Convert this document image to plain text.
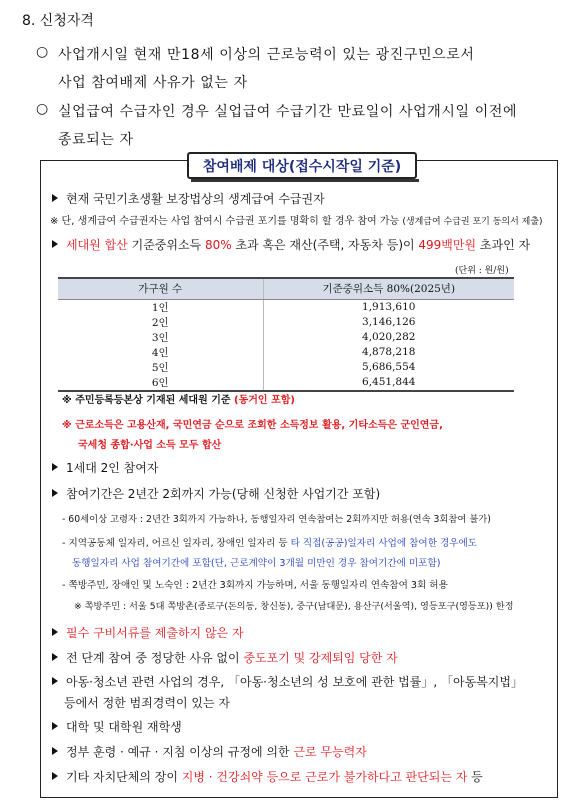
8. 신청자격
○ 사업개시일 현재 만18세 이상의 근로능력이 있는 광진구민으로서
사업 참여배제 사유가 없는 자
○ 실업급여 수급자인 경우 실업급여 수급기간 만료일이 사업개시일 이전에
종료되는 자
참여배제 대상(접수시작일 기준)
현재 국민기초생활 보장법상의 생계급여 수급권자
※ 단, 생계급여 수급권자는 사업 참여시 수급권 포기를 명확히 할 경우 참여 가능 (생계급여 수급권 포기 동의서 제출)
세대원 합산 기준중위소득 80% 초과 혹은 재산(주택, 자동차 등)이 499백만원 초과인 자
(단위 : 원/원)
가구원 수	기준중위소득 80%(2025년)
1인	1,913,610
2인	3,146,126
3인	4,020,282
4인	4,878,218
5인	5,686,554
6인	6,451,844
※ 주민등록등본상 기재된 세대원 기준 (동거인 포함)
※ 근로소득은 고용산재, 국민연금 순으로 조회한 소득정보 활용, 기타소득은 군인연금,
국세청 종합·사업 소득 모두 합산
1세대 2인 참여자
참여기간은 2년간 2회까지 가능(당해 신청한 사업기간 포함)
- 60세이상 고령자 : 2년간 3회까지 가능하나, 동행일자리 연속참여는 2회까지만 허용(연속 3회참여 불가)
- 지역공동체 일자리, 어르신 일자리, 장애인 일자리 등 타 직접(공공)일자리 사업에 참여한 경우에도
동행일자리 사업 참여기간에 포함(단, 근로계약이 3개월 미만인 경우 참여기간에 미포함)
- 쪽방주민, 장애인 및 노숙인 : 2년간 3회까지 가능하며, 서울 동행일자리 연속참여 3회 허용
※ 쪽방주민 : 서울 5대 쪽방촌(종로구(돈의동, 창신동), 중구(남대문), 용산구(서울역), 영등포구(영등포)) 한정
필수 구비서류를 제출하지 않은 자
전 단계 참여 중 정당한 사유 없이 중도포기 및 강제퇴임 당한 자
아동·청소년 관련 사업의 경우, 「아동·청소년의 성 보호에 관한 법률」, 「아동복지법」
등에서 정한 범죄경력이 있는 자
대학 및 대학원 재학생
정부 훈령 · 예규 · 지침 이상의 규정에 의한 근로 무능력자
기타 자치단체의 장이 지병 · 건강쇠약 등으로 근로가 불가하다고 판단되는 자 등
